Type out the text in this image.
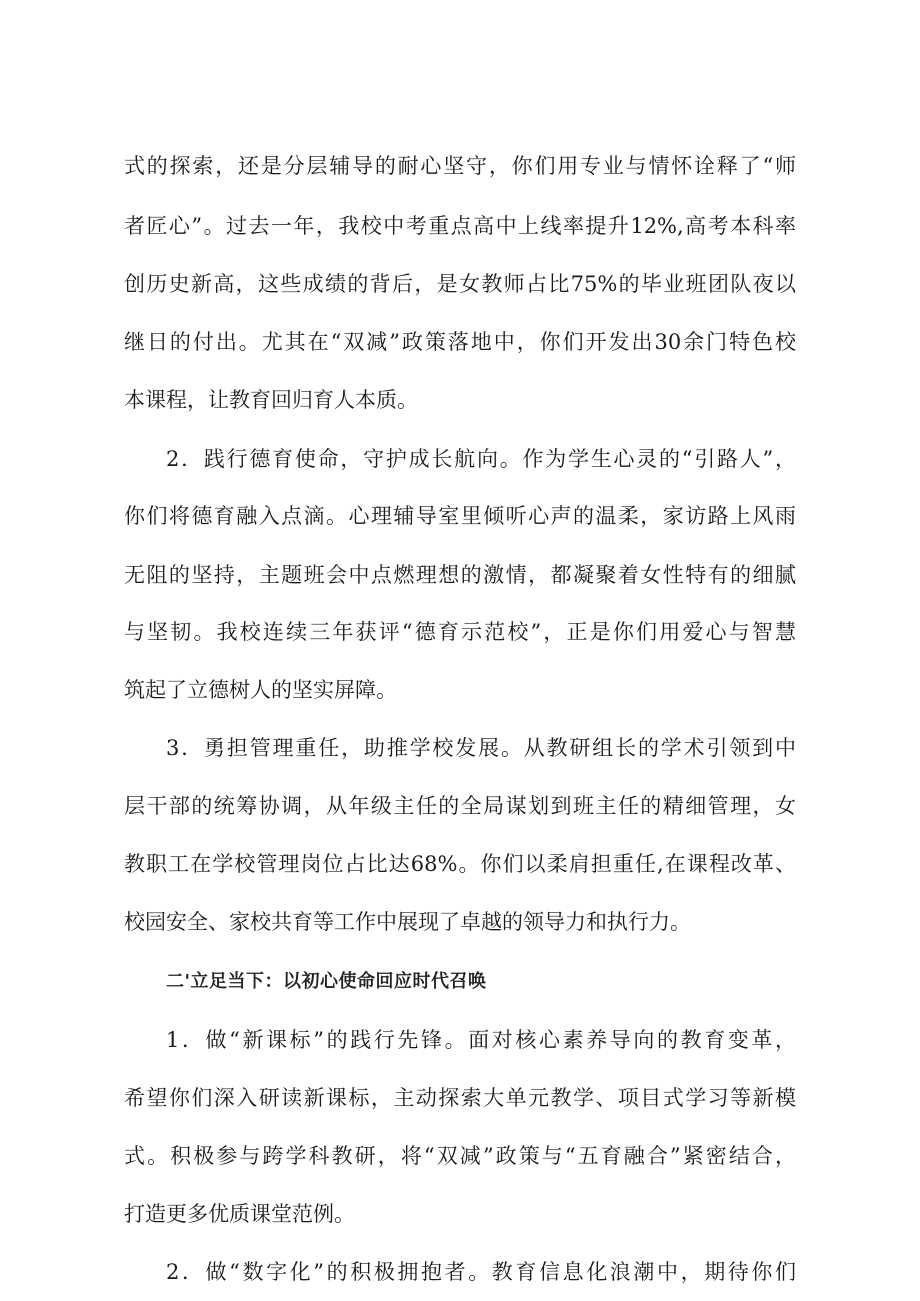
式的探索，还是分层辅导的耐心坚守，你们用专业与情怀诠释了“师
者匠心”。过去一年，我校中考重点高中上线率提升12%,高考本科率
创历史新高，这些成绩的背后，是女教师占比75%的毕业班团队夜以
继日的付出。尤其在“双减”政策落地中，你们开发出30余门特色校
本课程，让教育回归育人本质。
2．践行德育使命，守护成长航向。作为学生心灵的“引路人”，
你们将德育融入点滴。心理辅导室里倾听心声的温柔，家访路上风雨
无阻的坚持，主题班会中点燃理想的激情，都凝聚着女性特有的细腻
与坚韧。我校连续三年获评“德育示范校”，正是你们用爱心与智慧
筑起了立德树人的坚实屏障。
3．勇担管理重任，助推学校发展。从教研组长的学术引领到中
层干部的统筹协调，从年级主任的全局谋划到班主任的精细管理，女
教职工在学校管理岗位占比达68%。你们以柔肩担重任,在课程改革、
校园安全、家校共育等工作中展现了卓越的领导力和执行力。
二'立足当下：以初心使命回应时代召唤
1．做“新课标”的践行先锋。面对核心素养导向的教育变革，
希望你们深入研读新课标，主动探索大单元教学、项目式学习等新模
式。积极参与跨学科教研，将“双减”政策与“五育融合”紧密结合，
打造更多优质课堂范例。
2．做“数字化”的积极拥抱者。教育信息化浪潮中，期待你们
